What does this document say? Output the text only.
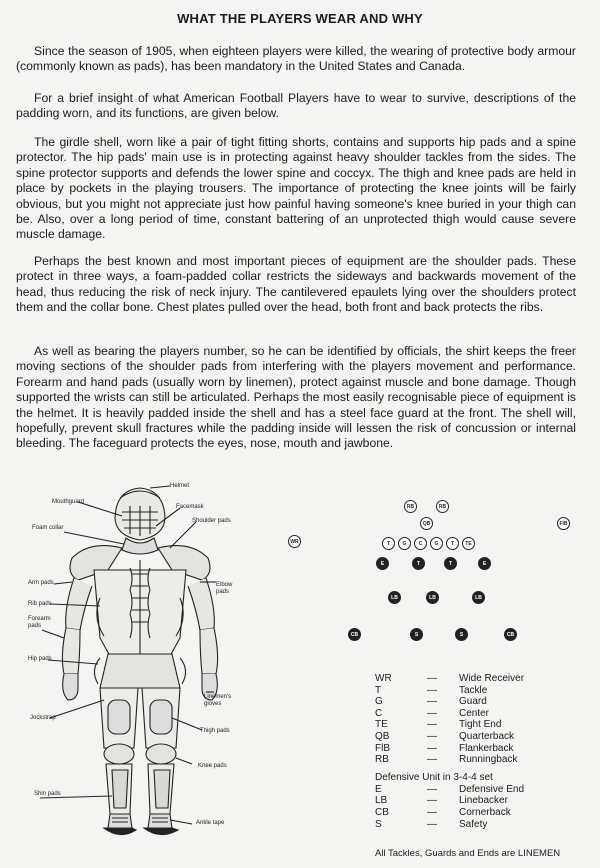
WHAT THE PLAYERS WEAR AND WHY

Since the season of 1905, when eighteen players were killed, the wearing of protective body armour (commonly known as pads), has been mandatory in the United States and Canada.

For a brief insight of what American Football Players have to wear to survive, descriptions of the padding worn, and its functions, are given below.

The girdle shell, worn like a pair of tight fitting shorts, contains and supports hip pads and a spine protector. The hip pads' main use is in protecting against heavy shoulder tackles from the sides. The spine protector supports and defends the lower spine and coccyx. The thigh and knee pads are held in place by pockets in the playing trousers. The importance of protecting the knee joints will be fairly obvious, but you might not appreciate just how painful having someone's knee buried in your thigh can be. Also, over a long period of time, constant battering of an unprotected thigh would cause severe muscle damage.

Perhaps the best known and most important pieces of equipment are the shoulder pads. These protect in three ways, a foam-padded collar restricts the sideways and backwards movement of the head, thus reducing the risk of neck injury. The cantilevered epaulets lying over the shoulders protect them and the collar bone. Chest plates pulled over the head, both front and back protects the ribs.

As well as bearing the players number, so he can be identified by officials, the shirt keeps the freer moving sections of the shoulder pads from interfering with the players movement and performance. Forearm and hand pads (usually worn by linemen), protect against muscle and bone damage. Though supported the wrists can still be articulated. Perhaps the most easily recognisable piece of equipment is the helmet. It is heavily padded inside the shell and has a steel face guard at the front. The shell will, hopefully, prevent skull fractures while the padding inside will lessen the risk of concussion or internal bleeding. The faceguard protects the eyes, nose, mouth and jawbone.

Helmet
Mouthguard
Facemask
Shoulder pads
Foam collar
Arm pads	Elbow pads
Rib pads
Forearm pads
Hip pads
Linemen's gloves
Jockstrap
Thigh pads
Knee pads
Shin pads
Ankle tape
RB	RB
QB
WR
FlB
T	G	C	G	T	TE
E	T	T	E
LB	LB	LB
CB	S	S	CB
WR	—	Wide Receiver
T	—	Tackle
G	—	Guard
C	—	Center
TE	—	Tight End
QB	—	Quarterback
FlB	—	Flankerback
RB	—	Runningback
Defensive Unit in 3-4-4 set
E	—	Defensive End
LB	—	Linebacker
CB	—	Cornerback
S	—	Safety
All Tackles, Guards and Ends are LINEMEN
